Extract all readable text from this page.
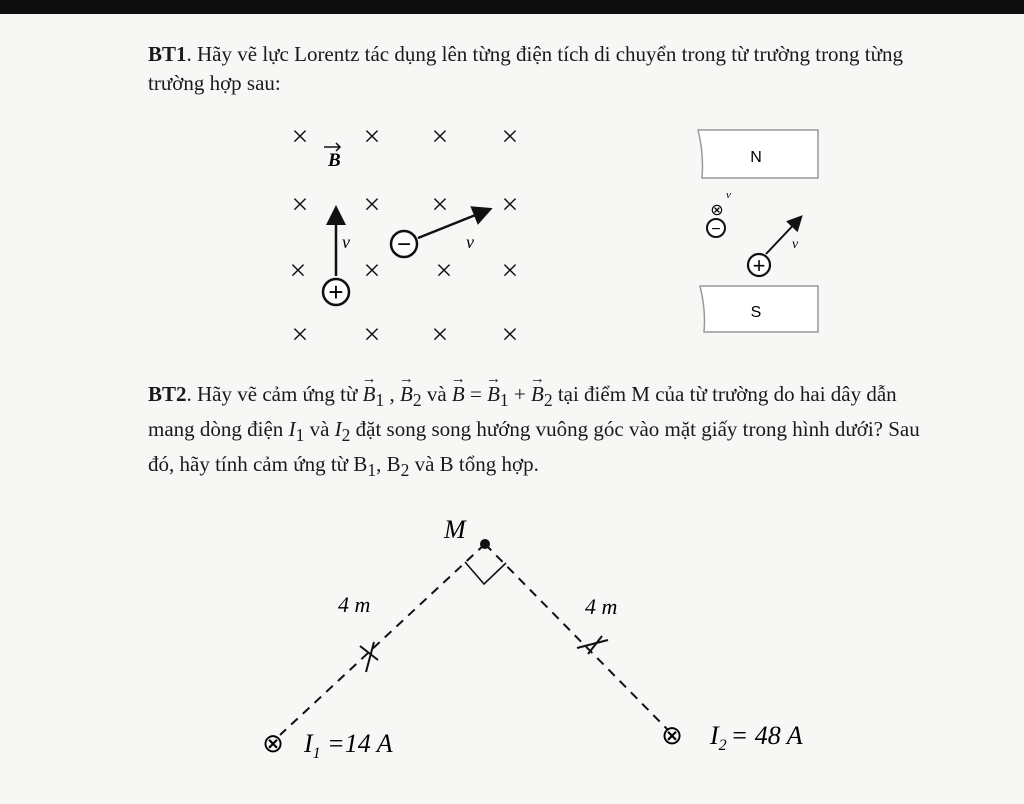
BT1. Hãy vẽ lực Lorentz tác dụng lên từng điện tích di chuyển trong từ trường trong từng trường hợp sau:

× × × ×
× × × ×
× × × ×
× × × ×
B
v
+
v
−
N
S
v
⊗
−
v
+

BT2. Hãy vẽ cảm ứng từ → $B_1$ , → $B_2$ và → B = → $B_1$ + → $B_2$ tại điểm M của từ trường do hai dây dẫn mang dòng điện $I_1$ và $I_2$ đặt song song hướng vuông góc vào mặt giấy trong hình dưới? Sau đó, hãy tính cảm ứng từ $B_1$, $B_2$ và B tổng hợp.

M
4 m	4 m
⊗ $I_1 =14$ A	⊗ $I_2 = 48$ A
